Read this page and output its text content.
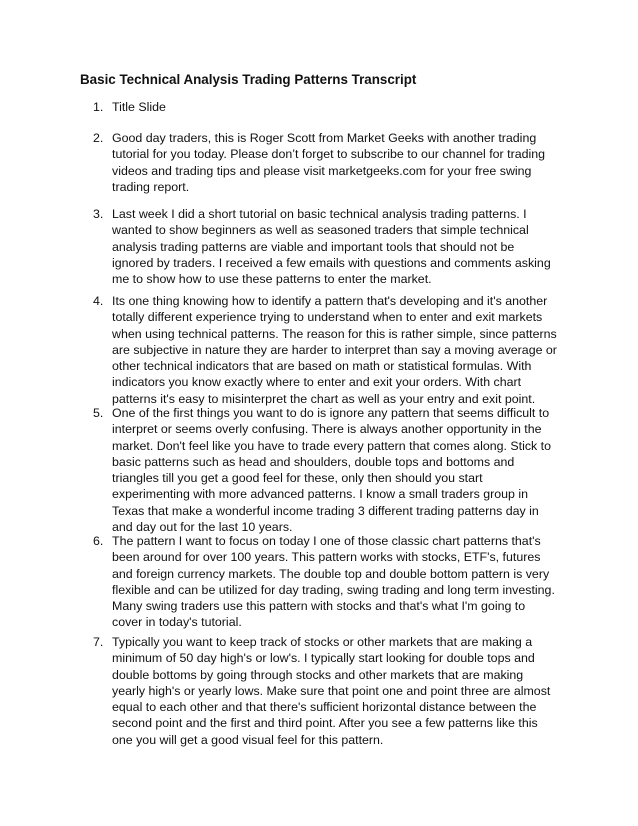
Basic Technical Analysis Trading Patterns Transcript
1. Title Slide
2. Good day traders, this is Roger Scott from Market Geeks with another trading
tutorial for you today. Please don’t forget to subscribe to our channel for trading
videos and trading tips and please visit marketgeeks.com for your free swing
trading report.
3. Last week I did a short tutorial on basic technical analysis trading patterns. I
wanted to show beginners as well as seasoned traders that simple technical
analysis trading patterns are viable and important tools that should not be
ignored by traders. I received a few emails with questions and comments asking
me to show how to use these patterns to enter the market.
4. Its one thing knowing how to identify a pattern that's developing and it's another
totally different experience trying to understand when to enter and exit markets
when using technical patterns. The reason for this is rather simple, since patterns
are subjective in nature they are harder to interpret than say a moving average or
other technical indicators that are based on math or statistical formulas. With
indicators you know exactly where to enter and exit your orders. With chart
patterns it's easy to misinterpret the chart as well as your entry and exit point.
5. One of the first things you want to do is ignore any pattern that seems difficult to
interpret or seems overly confusing. There is always another opportunity in the
market. Don't feel like you have to trade every pattern that comes along. Stick to
basic patterns such as head and shoulders, double tops and bottoms and
triangles till you get a good feel for these, only then should you start
experimenting with more advanced patterns. I know a small traders group in
Texas that make a wonderful income trading 3 different trading patterns day in
and day out for the last 10 years.
6. The pattern I want to focus on today I one of those classic chart patterns that's
been around for over 100 years. This pattern works with stocks, ETF's, futures
and foreign currency markets. The double top and double bottom pattern is very
flexible and can be utilized for day trading, swing trading and long term investing.
Many swing traders use this pattern with stocks and that's what I'm going to
cover in today's tutorial.
7. Typically you want to keep track of stocks or other markets that are making a
minimum of 50 day high's or low's. I typically start looking for double tops and
double bottoms by going through stocks and other markets that are making
yearly high's or yearly lows. Make sure that point one and point three are almost
equal to each other and that there's sufficient horizontal distance between the
second point and the first and third point. After you see a few patterns like this
one you will get a good visual feel for this pattern.
